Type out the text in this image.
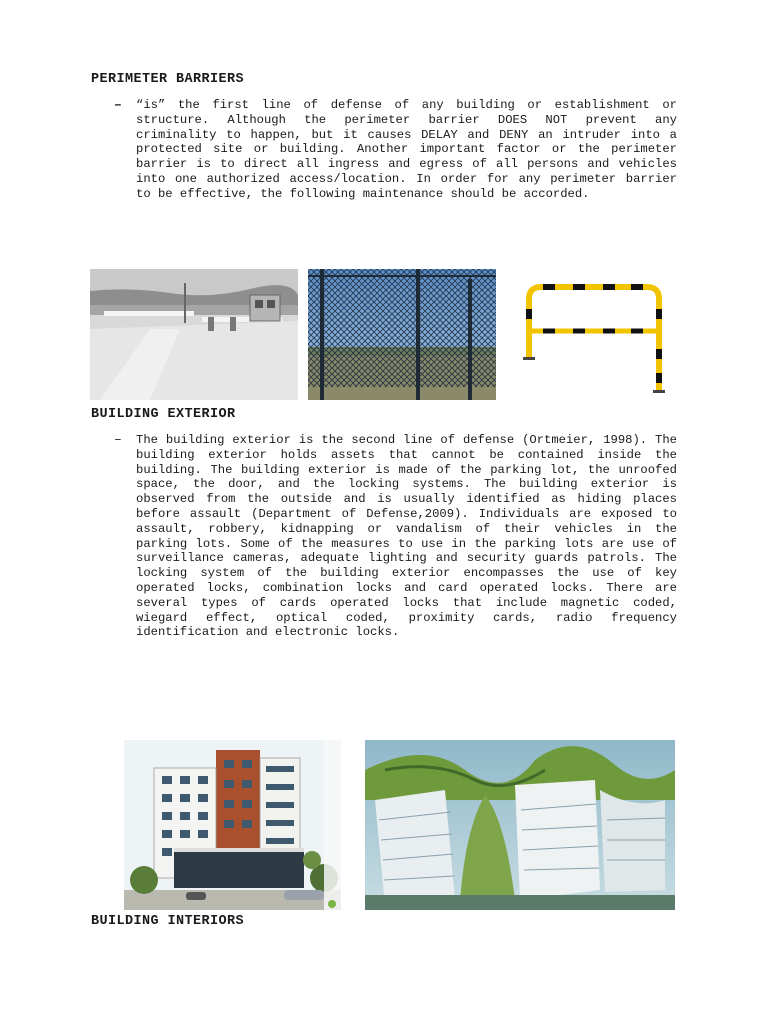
PERIMETER BARRIERS
– “is” the first line of defense of any building or establishment or structure. Although the perimeter barrier DOES NOT prevent any criminality to happen, but it causes DELAY and DENY an intruder into a protected site or building. Another important factor or the perimeter barrier is to direct all ingress and egress of all persons and vehicles into one authorized access/location. In order for any perimeter barrier to be effective, the following maintenance should be accorded.

BUILDING EXTERIOR
– The building exterior is the second line of defense (Ortmeier, 1998). The building exterior holds assets that cannot be contained inside the building. The building exterior is made of the parking lot, the unroofed space, the door, and the locking systems. The building exterior is observed from the outside and is usually identified as hiding places before assault (Department of Defense,2009). Individuals are exposed to assault, robbery, kidnapping or vandalism of their vehicles in the parking lots. Some of the measures to use in the parking lots are use of surveillance cameras, adequate lighting and security guards patrols. The locking system of the building exterior encompasses the use of key operated locks, combination locks and card operated locks. There are several types of cards operated locks that include magnetic coded, wiegard effect, optical coded, proximity cards, radio frequency identification and electronic locks.

BUILDING INTERIORS
